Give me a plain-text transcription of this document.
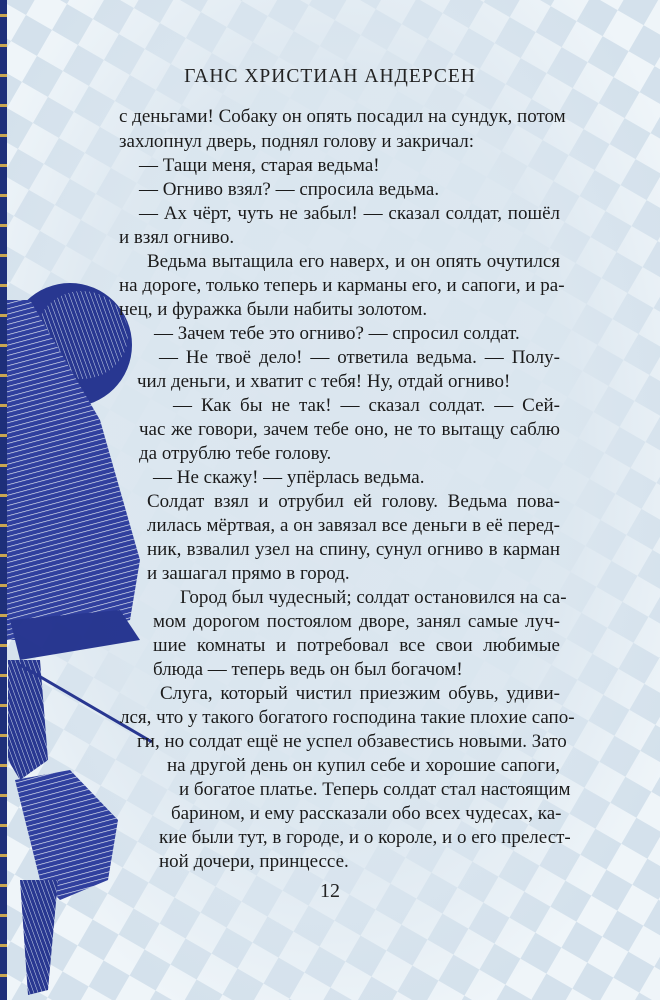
ГАНС ХРИСТИАН АНДЕРСЕН
с деньгами! Собаку он опять посадил на сундук, потом
захлопнул дверь, поднял голову и закричал:
— Тащи меня, старая ведьма!
— Огниво взял? — спросила ведьма.
— Ах чёрт, чуть не забыл! — сказал солдат, пошёл
и взял огниво.
Ведьма вытащила его наверх, и он опять очутился
на дороге, только теперь и карманы его, и сапоги, и ра-
нец, и фуражка были набиты золотом.
— Зачем тебе это огниво? — спросил солдат.
— Не твоё дело! — ответила ведьма. — Полу-
чил деньги, и хватит с тебя! Ну, отдай огниво!
— Как бы не так! — сказал солдат. — Сей-
час же говори, зачем тебе оно, не то вытащу саблю
да отрублю тебе голову.
— Не скажу! — упёрлась ведьма.
Солдат взял и отрубил ей голову. Ведьма пова-
лилась мёртвая, а он завязал все деньги в её перед-
ник, взвалил узел на спину, сунул огниво в карман
и зашагал прямо в город.
Город был чудесный; солдат остановился на са-
мом дорогом постоялом дворе, занял самые луч-
шие комнаты и потребовал все свои любимые
блюда — теперь ведь он был богачом!
Слуга, который чистил приезжим обувь, удиви-
лся, что у такого богатого господина такие плохие сапо-
ги, но солдат ещё не успел обзавестись новыми. Зато
на другой день он купил себе и хорошие сапоги,
и богатое платье. Теперь солдат стал настоящим
барином, и ему рассказали обо всех чудесах, ка-
кие были тут, в городе, и о короле, и о его прелест-
ной дочери, принцессе.
12
